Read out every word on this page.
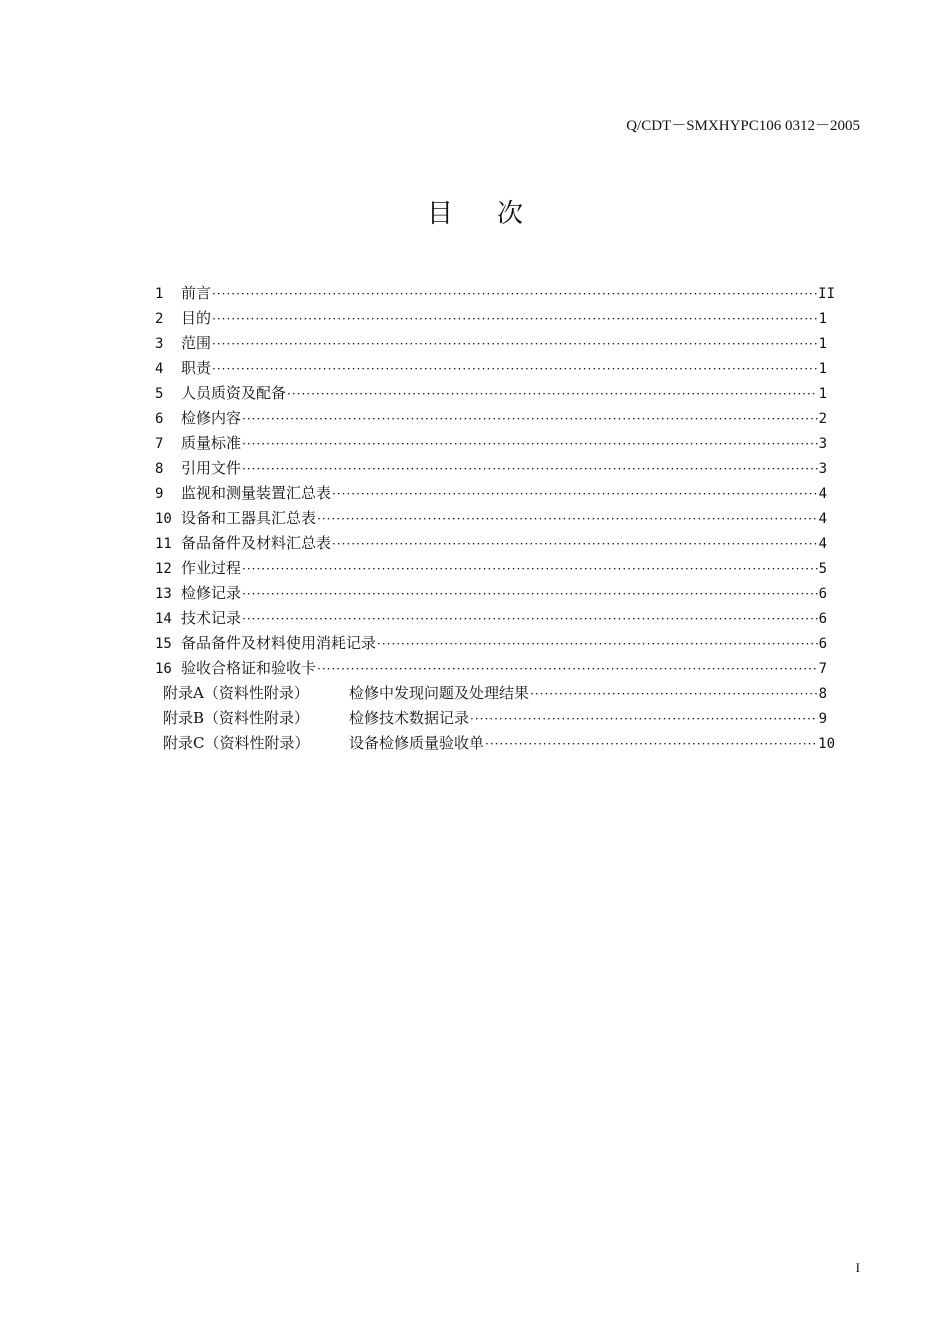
Q/CDT－SMXHYPC106 0312－2005
目次
1	前言 ·····	II
2	目的 ·····	1
3	范围 ·····	1
4	职责 ·····	1
5	人员质资及配备 ·····	1
6	检修内容 ·····	2
7	质量标准 ·····	3
8	引用文件 ·····	3
9	监视和测量装置汇总表 ·····	4
10 设备和工器具汇总表 ·····	4
11 备品备件及材料汇总表 ·····	4
12 作业过程 ·····	5
13 检修记录 ·····	6
14 技术记录 ·····	6
15 备品备件及材料使用消耗记录 ·····	6
16 验收合格证和验收卡 ·····	7
附录A（资料性附录）	检修中发现问题及处理结果 ·····	8
附录B（资料性附录）	检修技术数据记录 ·····	9
附录C（资料性附录）	设备检修质量验收单 ·····	10
I
